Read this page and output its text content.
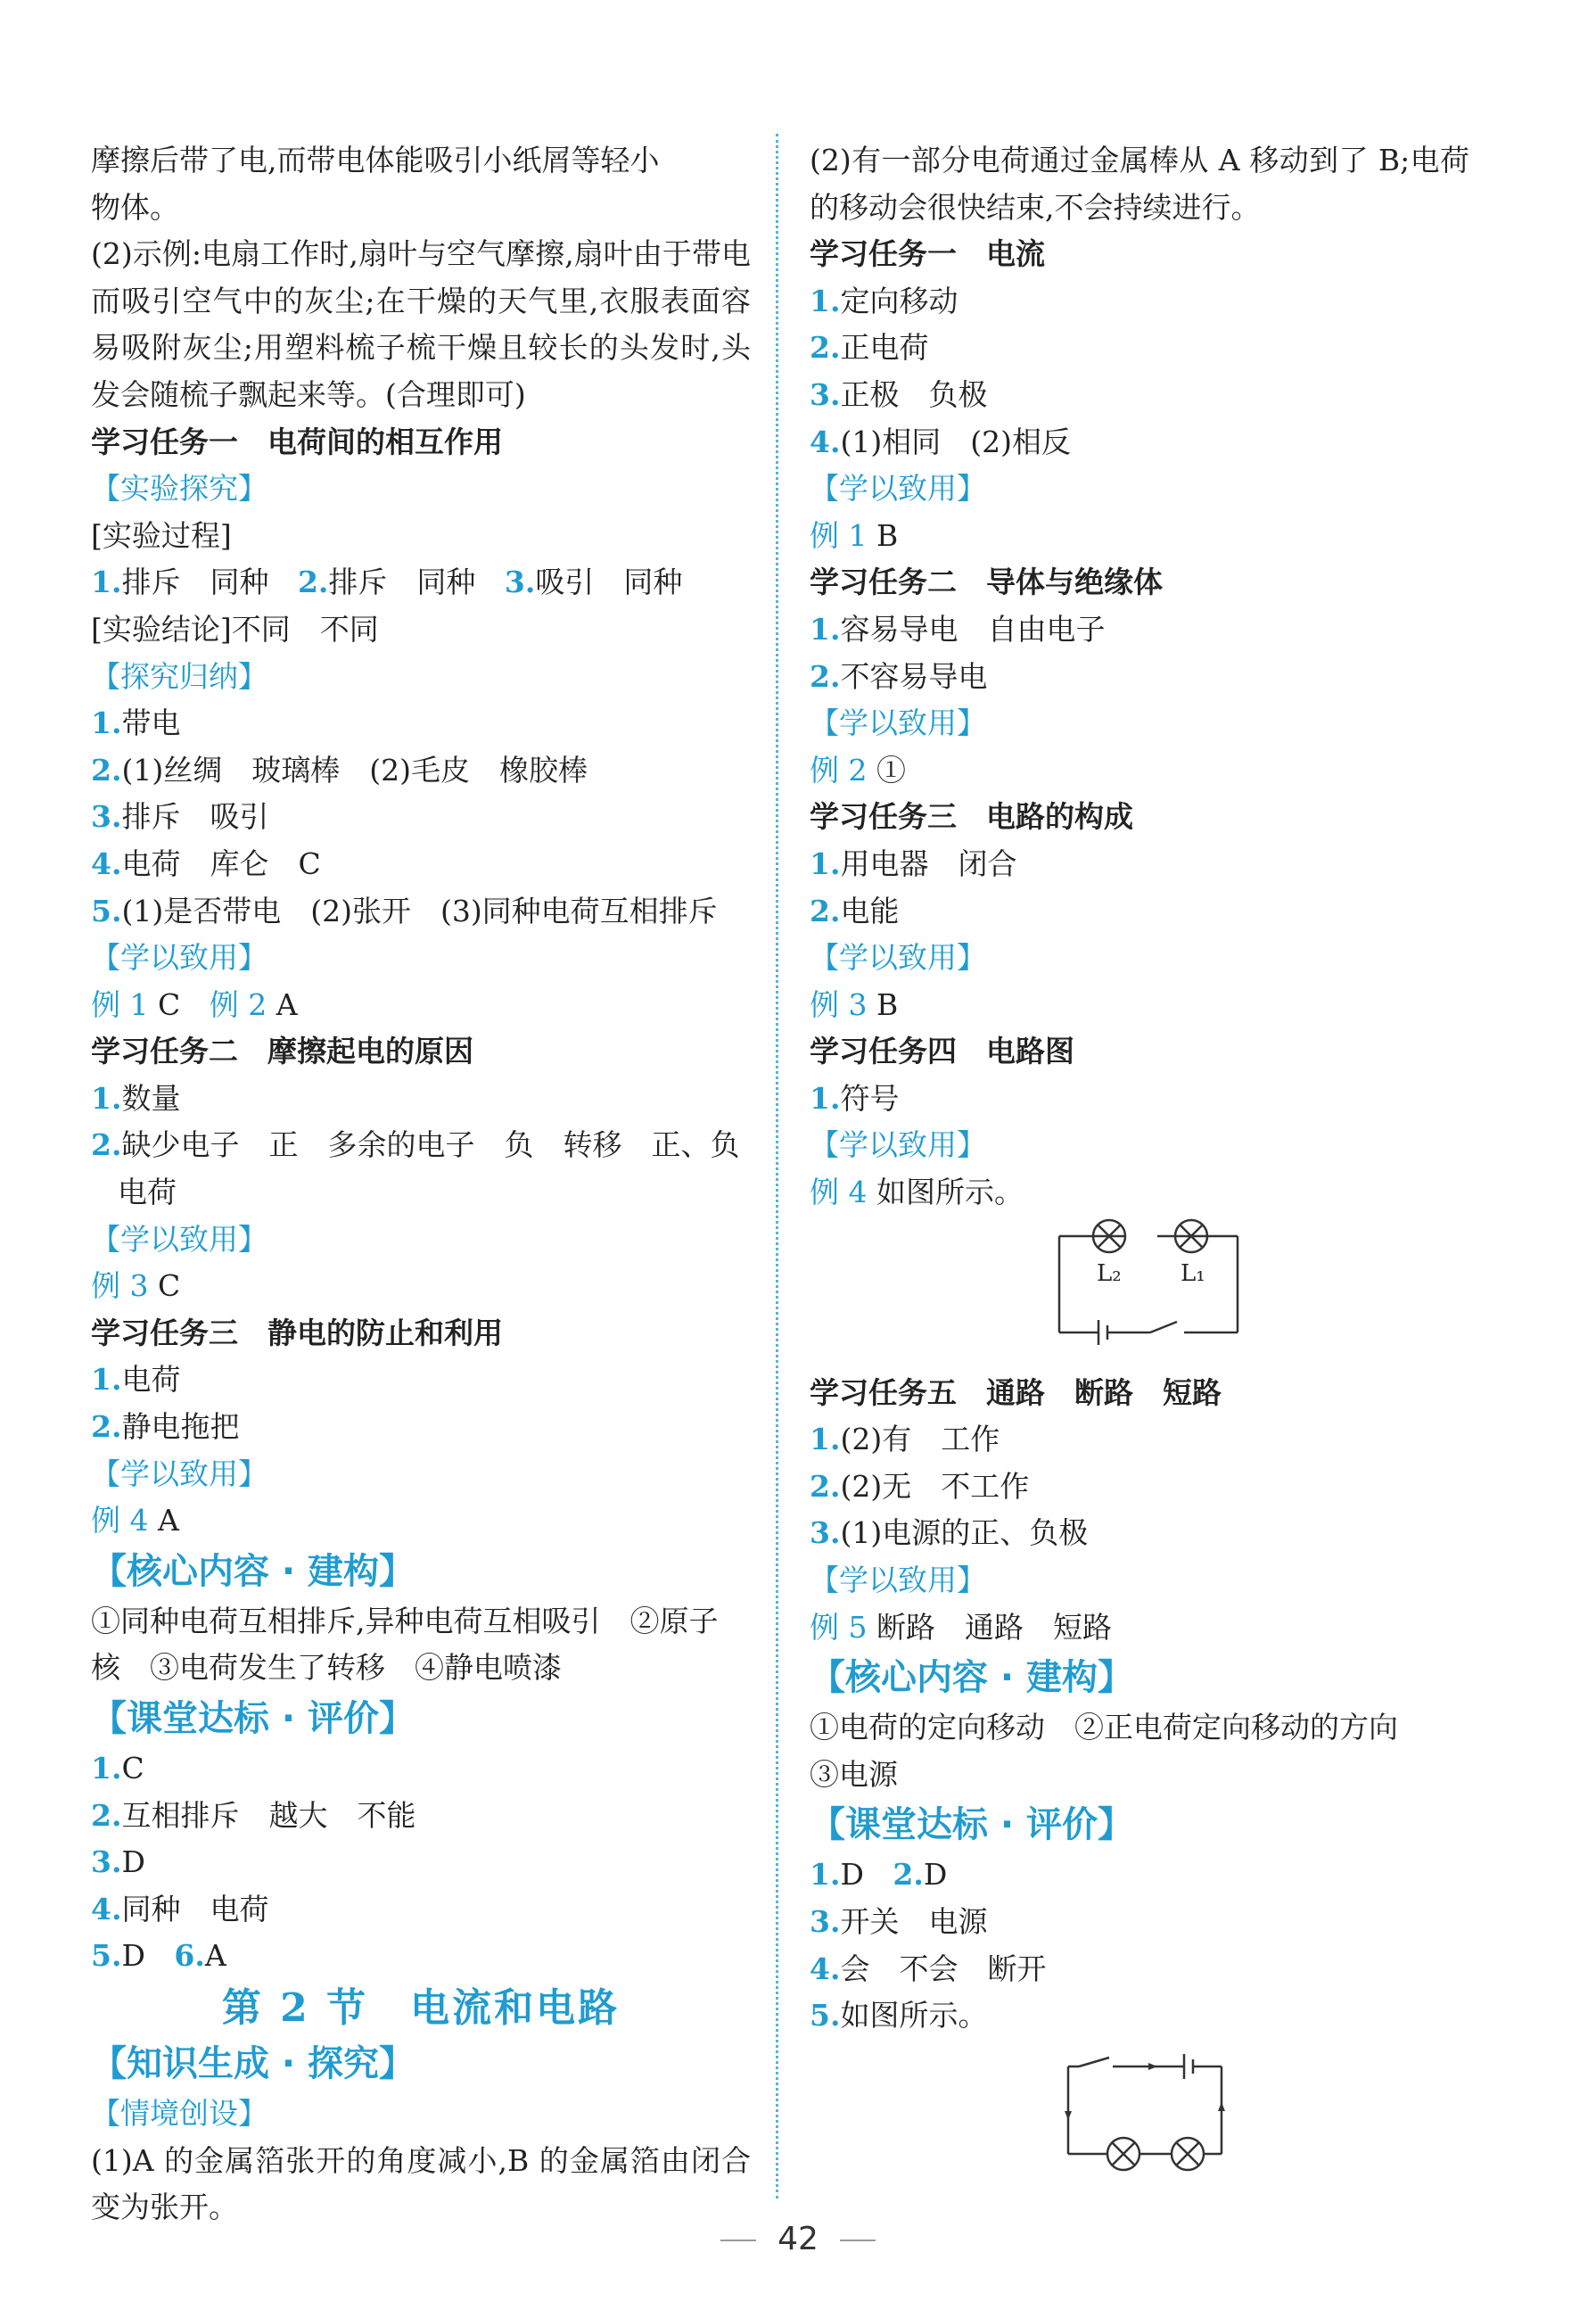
摩擦后带了电,而带电体能吸引小纸屑等轻小
物体。
(2)示例:电扇工作时,扇叶与空气摩擦,扇叶由于带电而吸引空气中的灰尘;在干燥的天气里,衣服表面容易吸附灰尘;用塑料梳子梳干燥且较长的头发时,头发会随梳子飘起来等。(合理即可)
学习任务一　电荷间的相互作用
【实验探究】
[实验过程]
1.排斥　同种 2.排斥　同种 3.吸引　同种
[实验结论]不同　不同
【探究归纳】
1.带电
2.(1)丝绸　玻璃棒　(2)毛皮　橡胶棒
3.排斥　吸引
4.电荷　库仑　C
5.(1)是否带电　(2)张开　(3)同种电荷互相排斥
【学以致用】
例 1 C 例 2 A
学习任务二　摩擦起电的原因
1.数量
2.缺少电子　正　多余的电子　负　转移　正、负
电荷
【学以致用】
例 3 C
学习任务三　静电的防止和利用
1.电荷
2.静电拖把
【学以致用】
例 4 A
【核心内容 · 建构】
①同种电荷互相排斥,异种电荷互相吸引　②原子
核　③电荷发生了转移　④静电喷漆
【课堂达标 · 评价】
1.C
2.互相排斥　越大　不能
3.D
4.同种　电荷
5.D 6.A
第 2 节　电流和电路
【知识生成 · 探究】
【情境创设】
(1)A 的金属箔张开的角度减小,B 的金属箔由闭合变为张开。
(2)有一部分电荷通过金属棒从 A 移动到了 B;电荷的移动会很快结束,不会持续进行。
学习任务一　电流
1.定向移动
2.正电荷
3.正极　负极
4.(1)相同　(2)相反
【学以致用】
例 1 B
学习任务二　导体与绝缘体
1.容易导电　自由电子
2.不容易导电
【学以致用】
例 2 ①
学习任务三　电路的构成
1.用电器　闭合
2.电能
【学以致用】
例 3 B
学习任务四　电路图
1.符号
【学以致用】
例 4 如图所示。
L₂	L₁
学习任务五　通路　断路　短路
1.(2)有　工作
2.(2)无　不工作
3.(1)电源的正、负极
【学以致用】
例 5 断路　通路　短路
【核心内容 · 建构】
①电荷的定向移动　②正电荷定向移动的方向
③电源
【课堂达标 · 评价】
1.D 2.D
3.开关　电源
4.会　不会　断开
5.如图所示。
42
